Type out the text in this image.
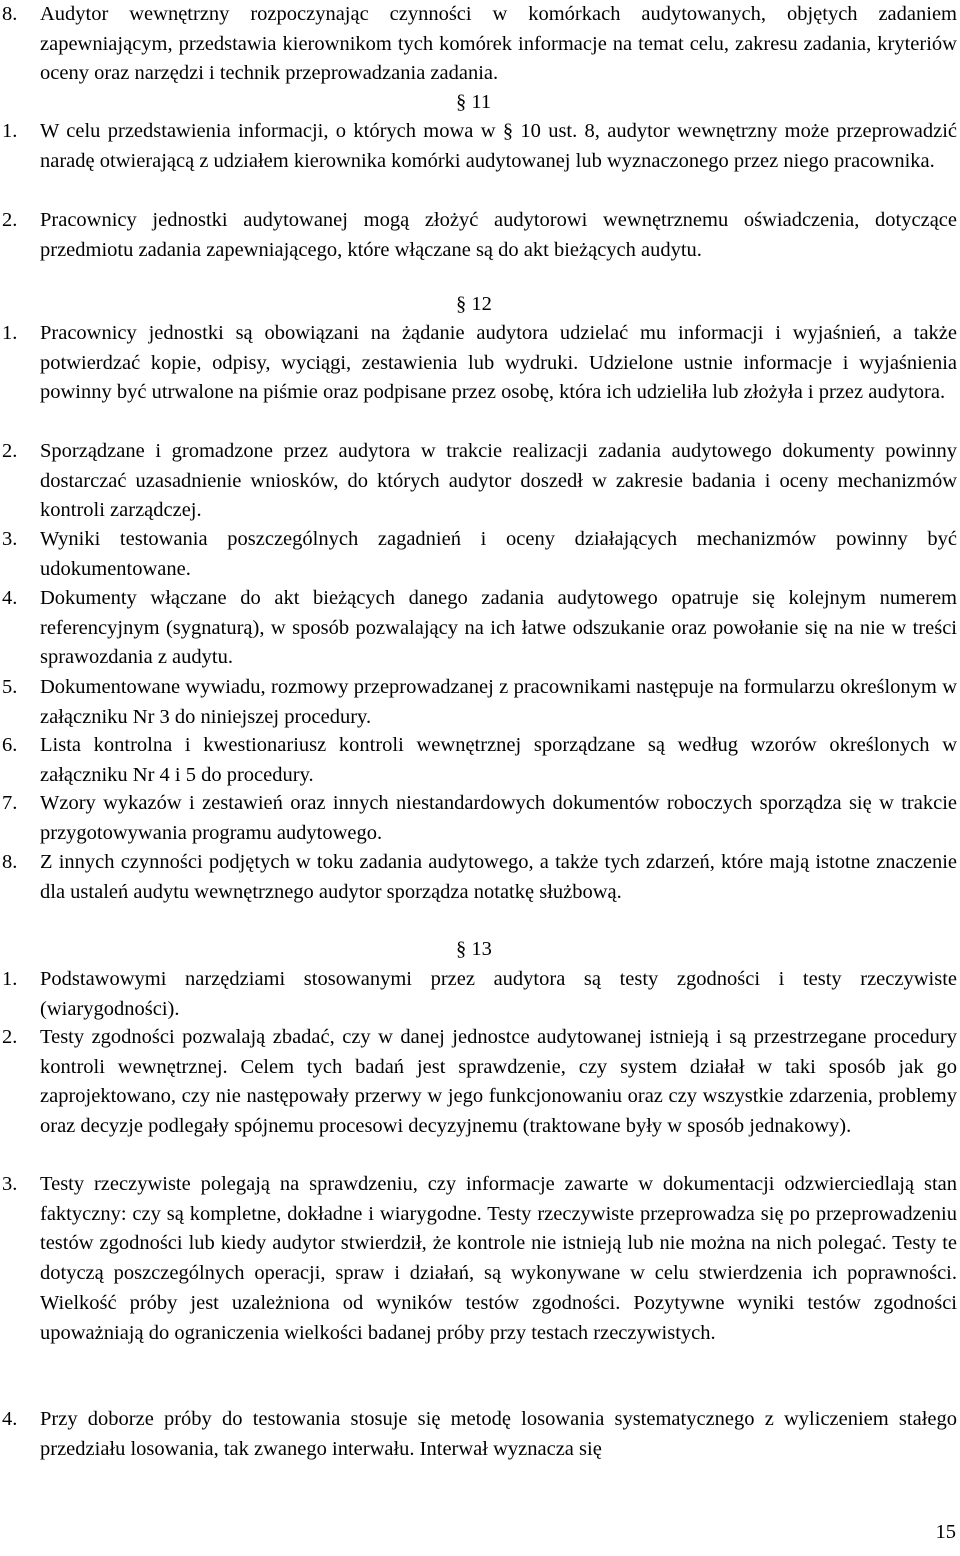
8. Audytor wewnętrzny rozpoczynając czynności w komórkach audytowanych, objętych zadaniem zapewniającym, przedstawia kierownikom tych komórek informacje na temat celu, zakresu zadania, kryteriów oceny oraz narzędzi i technik przeprowadzania zadania.
§ 11
1. W celu przedstawienia informacji, o których mowa w § 10 ust. 8, audytor wewnętrzny może przeprowadzić naradę otwierającą z udziałem kierownika komórki audytowanej lub wyznaczonego przez niego pracownika.
2. Pracownicy jednostki audytowanej mogą złożyć audytorowi wewnętrznemu oświadczenia, dotyczące przedmiotu zadania zapewniającego, które włączane są do akt bieżących audytu.
§ 12
1. Pracownicy jednostki są obowiązani na żądanie audytora udzielać mu informacji i wyjaśnień, a także potwierdzać kopie, odpisy, wyciągi, zestawienia lub wydruki. Udzielone ustnie informacje i wyjaśnienia powinny być utrwalone na piśmie oraz podpisane przez osobę, która ich udzieliła lub złożyła i przez audytora.
2. Sporządzane i gromadzone przez audytora w trakcie realizacji zadania audytowego dokumenty powinny dostarczać uzasadnienie wniosków, do których audytor doszedł w zakresie badania i oceny mechanizmów kontroli zarządczej.
3. Wyniki testowania poszczególnych zagadnień i oceny działających mechanizmów powinny być udokumentowane.
4. Dokumenty włączane do akt bieżących danego zadania audytowego opatruje się kolejnym numerem referencyjnym (sygnaturą), w sposób pozwalający na ich łatwe odszukanie oraz powołanie się na nie w treści sprawozdania z audytu.
5. Dokumentowane wywiadu, rozmowy przeprowadzanej z pracownikami następuje na formularzu określonym w załączniku Nr 3 do niniejszej procedury.
6. Lista kontrolna i kwestionariusz kontroli wewnętrznej sporządzane są według wzorów określonych w załączniku Nr 4 i 5 do procedury.
7. Wzory wykazów i zestawień oraz innych niestandardowych dokumentów roboczych sporządza się w trakcie przygotowywania programu audytowego.
8. Z innych czynności podjętych w toku zadania audytowego, a także tych zdarzeń, które mają istotne znaczenie dla ustaleń audytu wewnętrznego audytor sporządza notatkę służbową.
§ 13
1. Podstawowymi narzędziami stosowanymi przez audytora są testy zgodności i testy rzeczywiste (wiarygodności).
2. Testy zgodności pozwalają zbadać, czy w danej jednostce audytowanej istnieją i są przestrzegane procedury kontroli wewnętrznej. Celem tych badań jest sprawdzenie, czy system działał w taki sposób jak go zaprojektowano, czy nie następowały przerwy w jego funkcjonowaniu oraz czy wszystkie zdarzenia, problemy oraz decyzje podlegały spójnemu procesowi decyzyjnemu (traktowane były w sposób jednakowy).
3. Testy rzeczywiste polegają na sprawdzeniu, czy informacje zawarte w dokumentacji odzwierciedlają stan faktyczny: czy są kompletne, dokładne i wiarygodne. Testy rzeczywiste przeprowadza się po przeprowadzeniu testów zgodności lub kiedy audytor stwierdził, że kontrole nie istnieją lub nie można na nich polegać. Testy te dotyczą poszczególnych operacji, spraw i działań, są wykonywane w celu stwierdzenia ich poprawności. Wielkość próby jest uzależniona od wyników testów zgodności. Pozytywne wyniki testów zgodności upoważniają do ograniczenia wielkości badanej próby przy testach rzeczywistych.
4. Przy doborze próby do testowania stosuje się metodę losowania systematycznego z wyliczeniem stałego przedziału losowania, tak zwanego interwału. Interwał wyznacza się
15
